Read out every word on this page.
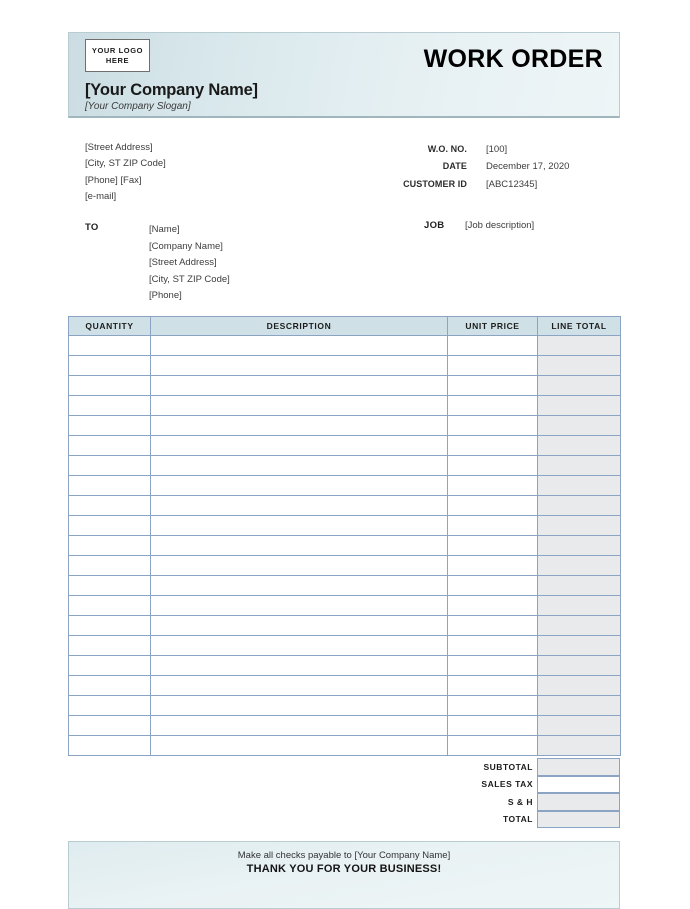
YOUR LOGO
HERE
[Your Company Name]
[Your Company Slogan]
WORK ORDER
[Street Address]
[City, ST ZIP Code]
[Phone] [Fax]
[e-mail]
W.O. NO.	[100]
DATE	December 17, 2020
CUSTOMER ID	[ABC12345]
TO	[Name]
[Company Name]
[Street Address]
[City, ST ZIP Code]
[Phone]
JOB [Job description]
QUANTITY	DESCRIPTION	UNIT PRICE	LINE TOTAL

SUBTOTAL
SALES TAX
S & H
TOTAL
Make all checks payable to [Your Company Name]
THANK YOU FOR YOUR BUSINESS!
